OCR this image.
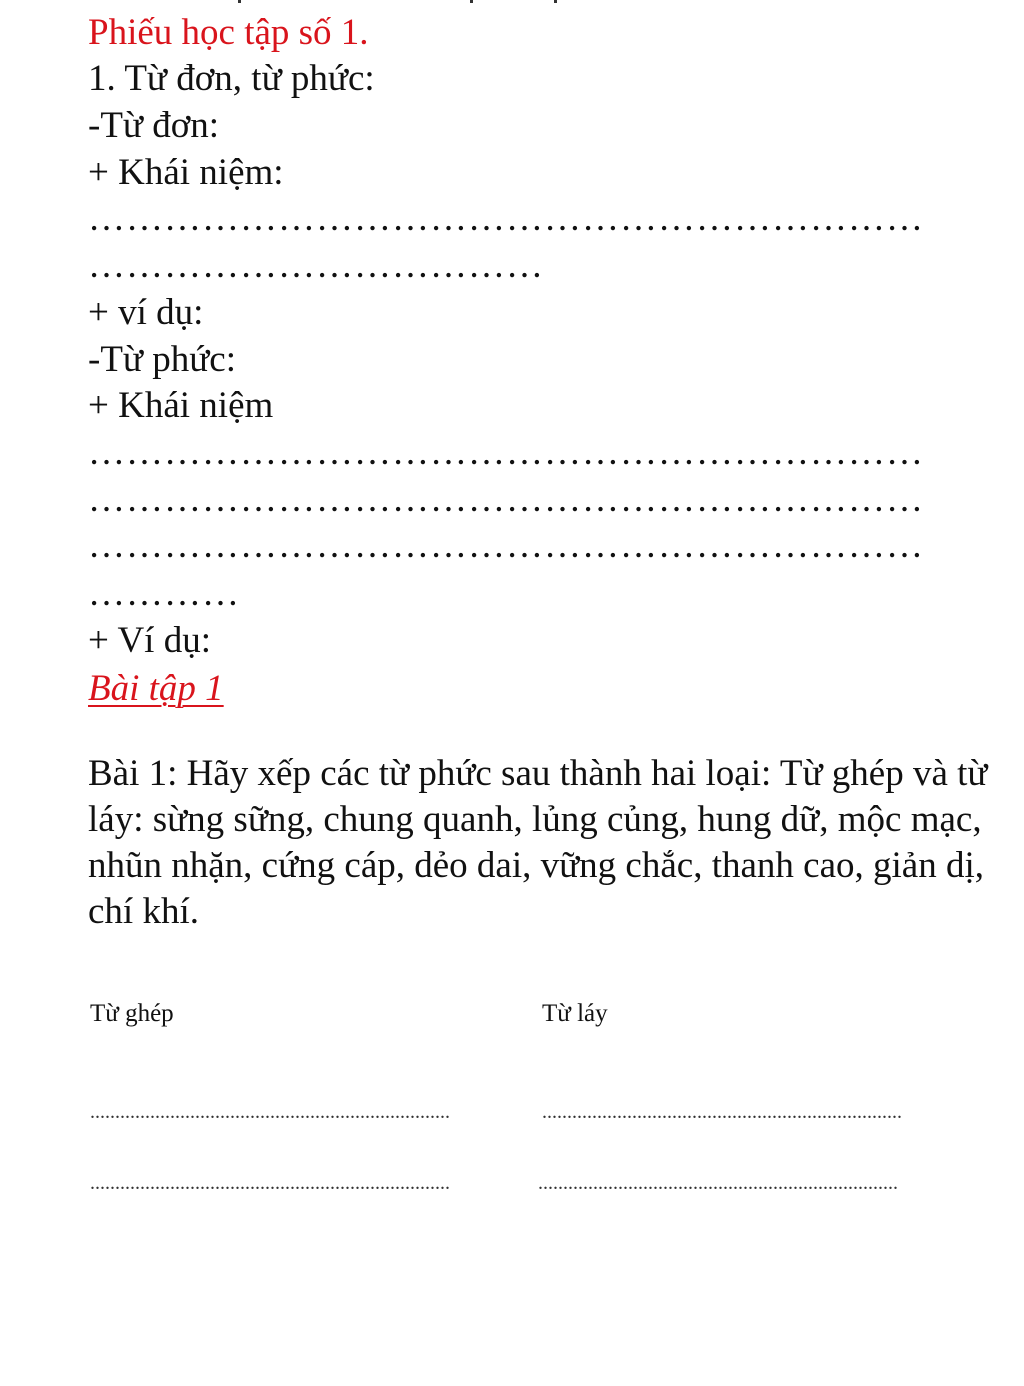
Phiếu học tập số 1.
1. Từ đơn, từ phức:
-Từ đơn:
+ Khái niệm:
…………………………………………………………
………………………………
+ ví dụ:
-Từ phức:
+ Khái niệm
…………………………………………………………
…………………………………………………………
…………………………………………………………
…………
+ Ví dụ:
Bài tập 1
Bài 1: Hãy xếp các từ phức sau thành hai loại: Từ ghép và từ láy: sừng sững, chung quanh, lủng củng, hung dữ, mộc mạc, nhũn nhặn, cứng cáp, dẻo dai, vững chắc, thanh cao, giản dị, chí khí.
Từ ghép	Từ láy
........................................................................	........................................................................
........................................................................	........................................................................
